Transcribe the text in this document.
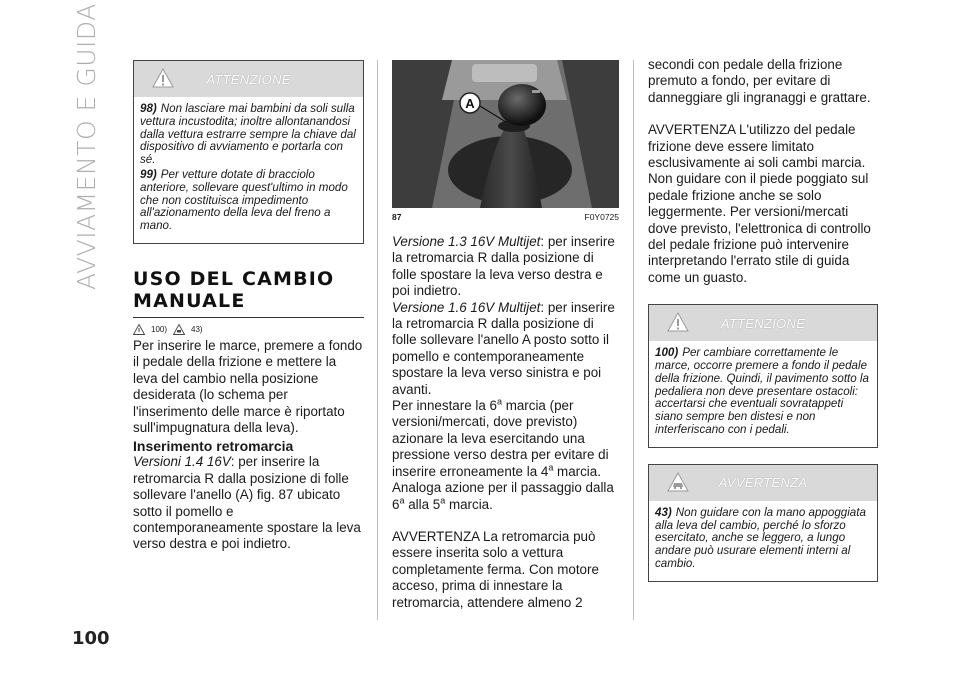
AVVIAMENTO E GUIDA	ATTENZIONE

98) Non lasciare mai bambini da soli sulla vettura incustodita; inoltre allontanandosi dalla vettura estrarre sempre la chiave dal dispositivo di avviamento e portarla con sé.

99) Per vetture dotate di bracciolo anteriore, sollevare quest'ultimo in modo che non costituisca impedimento all'azionamento della leva del freno a mano.

USO DEL CAMBIO
MANUALE
100)	43)

Per inserire le marce, premere a fondo il pedale della frizione e mettere la leva del cambio nella posizione desiderata (lo schema per l'inserimento delle marce è riportato sull'impugnatura della leva).

Inserimento retromarcia

Versioni 1.4 16V: per inserire la retromarcia R dalla posizione di folle sollevare l'anello (A) fig. 87 ubicato sotto il pomello e contemporaneamente spostare la leva verso destra e poi indietro.

A
87	F0Y0725

Versione 1.3 16V Multijet: per inserire la retromarcia R dalla posizione di folle spostare la leva verso destra e poi indietro.

Versione 1.6 16V Multijet: per inserire la retromarcia R dalla posizione di folle sollevare l'anello A posto sotto il pomello e contemporaneamente spostare la leva verso sinistra e poi avanti.

Per innestare la 6$^a$ marcia (per versioni/mercati, dove previsto) azionare la leva esercitando una pressione verso destra per evitare di inserire erroneamente la 4$^a$ marcia. Analoga azione per il passaggio dalla 6$^a$ alla 5$^a$ marcia.

AVVERTENZA La retromarcia può essere inserita solo a vettura completamente ferma. Con motore acceso, prima di innestare la retromarcia, attendere almeno 2

secondi con pedale della frizione premuto a fondo, per evitare di danneggiare gli ingranaggi e grattare.

AVVERTENZA L'utilizzo del pedale frizione deve essere limitato esclusivamente ai soli cambi marcia. Non guidare con il piede poggiato sul pedale frizione anche se solo leggermente. Per versioni/mercati dove previsto, l'elettronica di controllo del pedale frizione può intervenire interpretando l'errato stile di guida come un guasto.

ATTENZIONE

100) Per cambiare correttamente le marce, occorre premere a fondo il pedale della frizione. Quindi, il pavimento sotto la pedaliera non deve presentare ostacoli: accertarsi che eventuali sovratappeti siano sempre ben distesi e non interferiscano con i pedali.

AVVERTENZA

43) Non guidare con la mano appoggiata alla leva del cambio, perché lo sforzo esercitato, anche se leggero, a lungo andare può usurare elementi interni al cambio.

100
